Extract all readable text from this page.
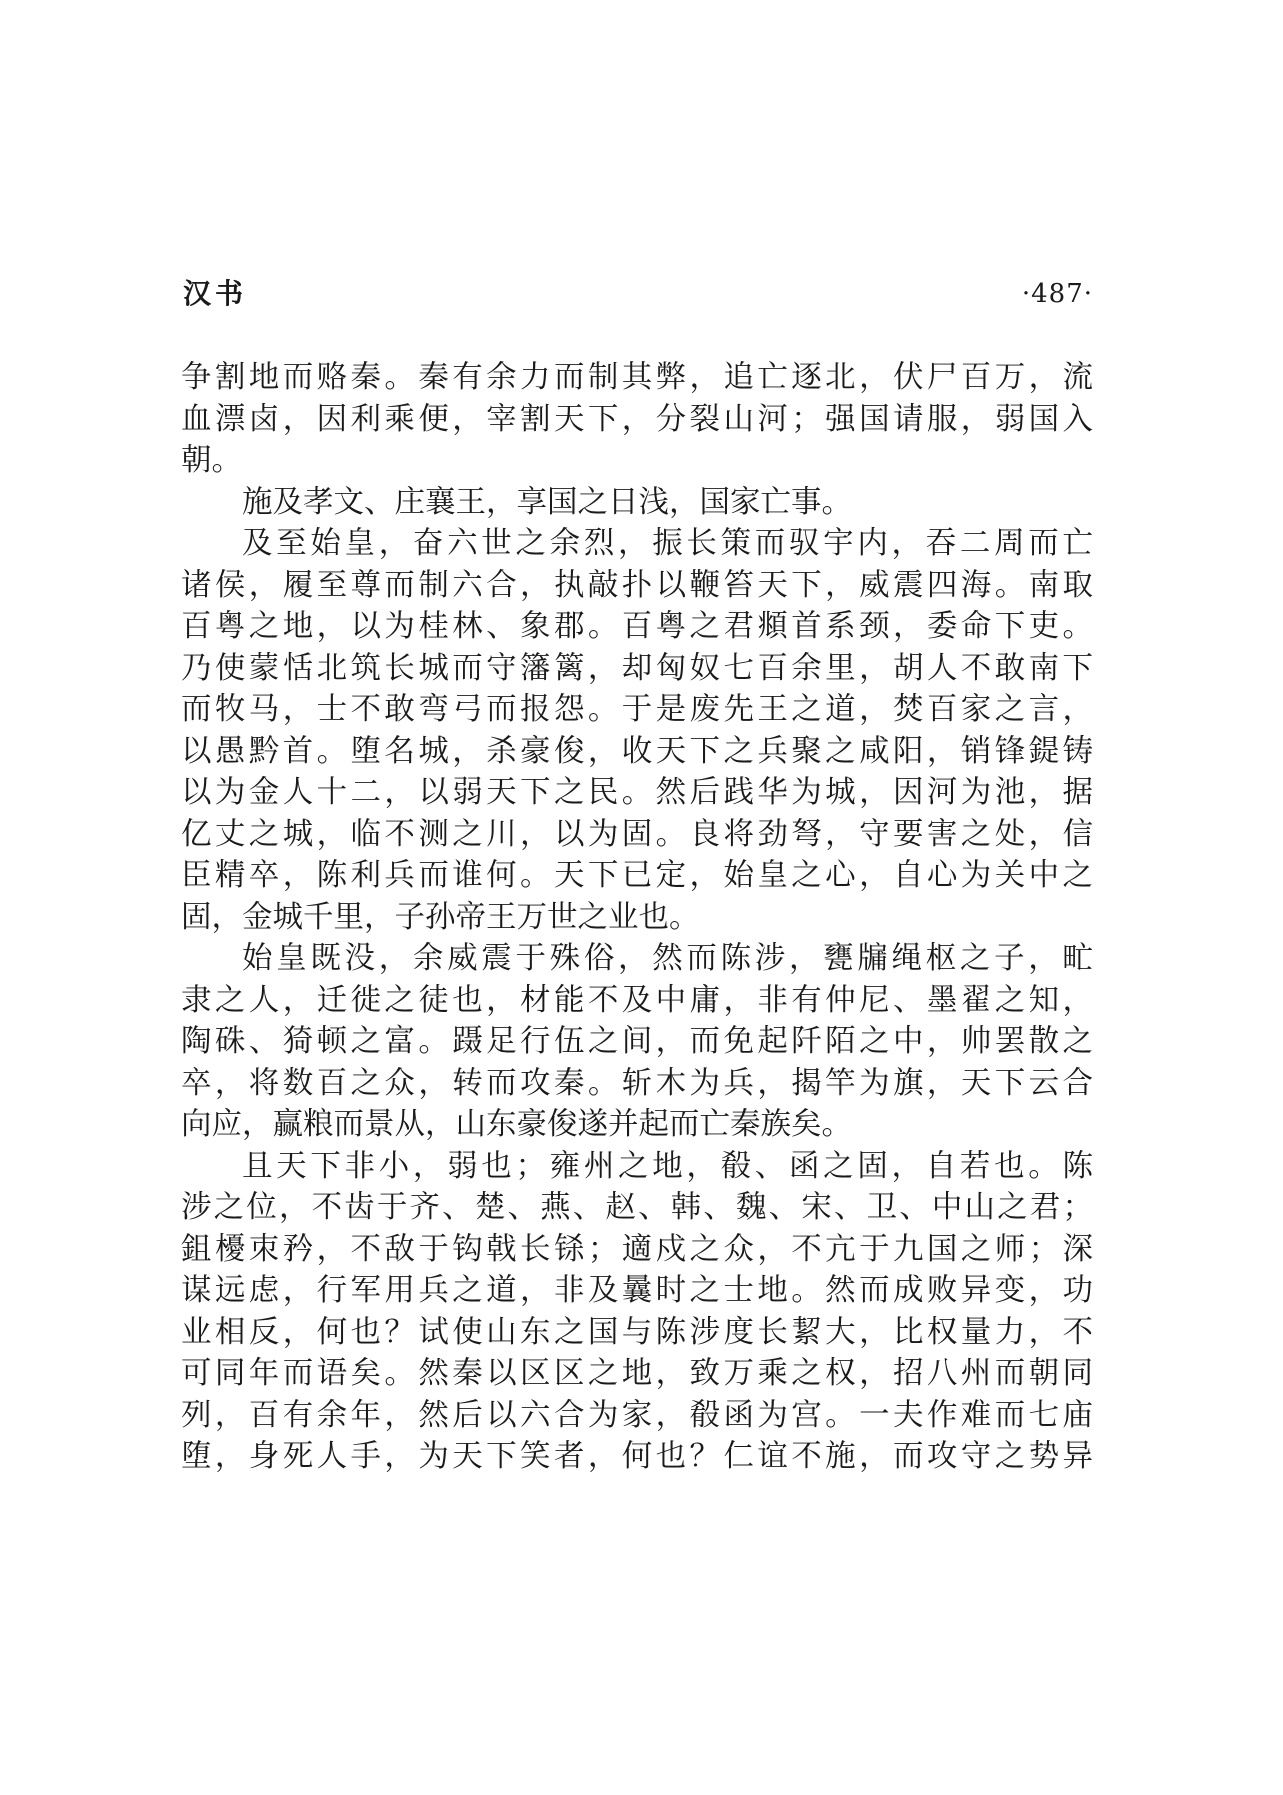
汉书	·487·
争割地而赂秦。秦有余力而制其弊，追亡逐北，伏尸百万，流
血漂卤，因利乘便，宰割天下，分裂山河；强国请服，弱国入
朝。
施及孝文、庄襄王，享国之日浅，国家亡事。
及至始皇，奋六世之余烈，振长策而驭宇内，吞二周而亡
诸侯，履至尊而制六合，执敲扑以鞭笞天下，威震四海。南取
百粤之地，以为桂林、象郡。百粤之君頫首系颈，委命下吏。
乃使蒙恬北筑长城而守籓篱，却匈奴七百余里，胡人不敢南下
而牧马，士不敢弯弓而报怨。于是废先王之道，焚百家之言，
以愚黔首。堕名城，杀豪俊，收天下之兵聚之咸阳，销锋鍉铸
以为金人十二，以弱天下之民。然后践华为城，因河为池，据
亿丈之城，临不测之川，以为固。良将劲弩，守要害之处，信
臣精卒，陈利兵而谁何。天下已定，始皇之心，自心为关中之
固，金城千里，子孙帝王万世之业也。
始皇既没，余威震于殊俗，然而陈涉，甕牖绳枢之子，甿
隶之人，迁徙之徒也，材能不及中庸，非有仲尼、墨翟之知，
陶硃、猗顿之富。蹑足行伍之间，而免起阡陌之中，帅罢散之
卒，将数百之众，转而攻秦。斩木为兵，揭竿为旗，天下云合
向应，赢粮而景从，山东豪俊遂并起而亡秦族矣。
且天下非小，弱也；雍州之地，殽、函之固，自若也。陈
涉之位，不齿于齐、楚、燕、赵、韩、魏、宋、卫、中山之君；
鉏櫌朿矜，不敌于钩戟长铩；適戍之众，不亢于九国之师；深
谋远虑，行军用兵之道，非及曩时之士地。然而成败异变，功
业相反，何也？试使山东之国与陈涉度长絜大，比权量力，不
可同年而语矣。然秦以区区之地，致万乘之权，招八州而朝同
列，百有余年，然后以六合为家，殽函为宫。一夫作难而七庙
堕，身死人手，为天下笑者，何也？仁谊不施，而攻守之势异
